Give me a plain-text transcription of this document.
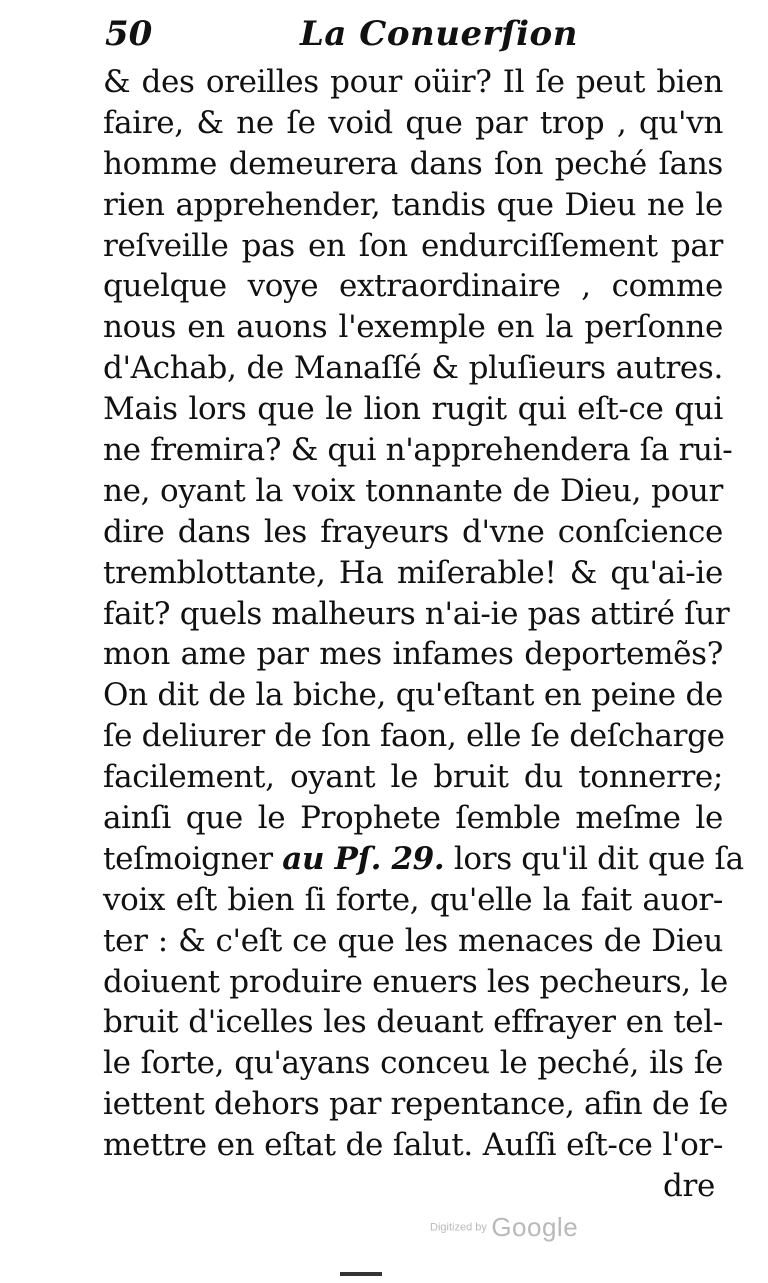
50	La Conuerſion
& des oreilles pour oüir? Il ſe peut bien
faire, & ne ſe void que par trop , qu'vn
homme demeurera dans ſon peché ſans
rien apprehender, tandis que Dieu ne le
reſveille pas en ſon endurciſſement par
quelque voye extraordinaire , comme
nous en auons l'exemple en la perſonne
d'Achab, de Manaſſé & pluſieurs autres.
Mais lors que le lion rugit qui eſt-ce qui
ne fremira? & qui n'apprehendera ſa rui-
ne, oyant la voix tonnante de Dieu, pour
dire dans les frayeurs d'vne conſcience
tremblottante, Ha miſerable! & qu'ai-ie
fait? quels malheurs n'ai-ie pas attiré ſur
mon ame par mes infames deportemẽs?
On dit de la biche, qu'eſtant en peine de
ſe deliurer de ſon faon, elle ſe deſcharge
facilement, oyant le bruit du tonnerre;
ainſi que le Prophete ſemble meſme le
teſmoigner au Pſ. 29. lors qu'il dit que ſa
voix eſt bien ſi forte, qu'elle la fait auor-
ter : & c'eſt ce que les menaces de Dieu
doiuent produire enuers les pecheurs, le
bruit d'icelles les deuant effrayer en tel-
le ſorte, qu'ayans conceu le peché, ils ſe
iettent dehors par repentance, afin de ſe
mettre en eſtat de ſalut. Auſſi eſt-ce l'or-
dre
Digitized by Google
